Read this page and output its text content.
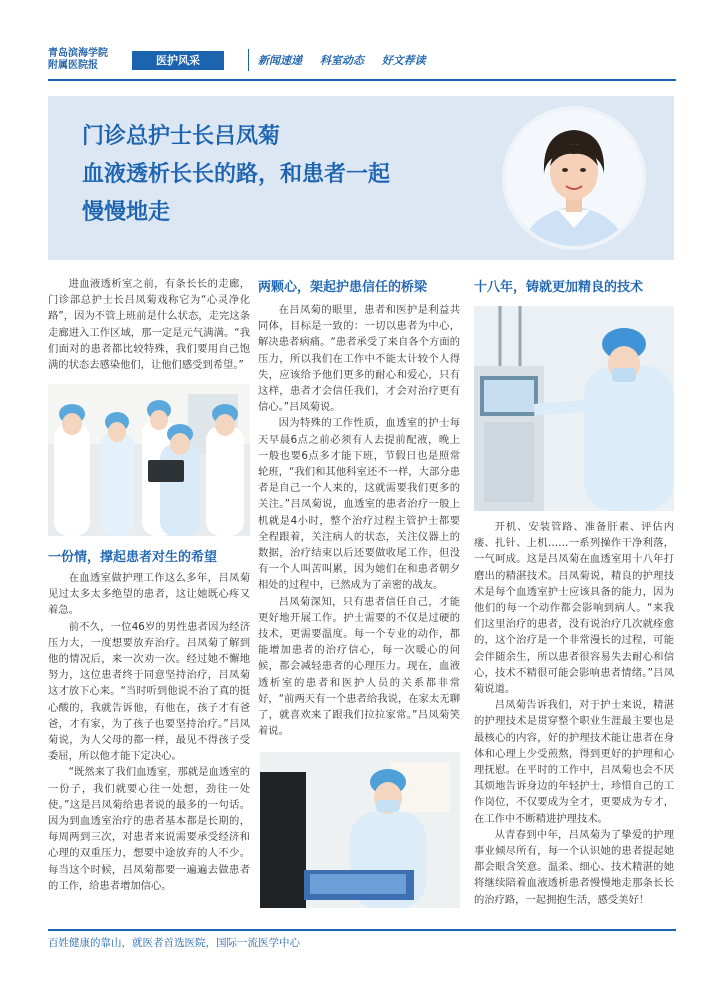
青岛滨海学院
附属医院报	医护风采	新闻速递 科室动态 好文荐读
门诊总护士长吕凤菊
血液透析长长的路，和患者一起
慢慢地走

进血液透析室之前，有条长长的走廊，门诊部总护士长吕凤菊戏称它为“心灵净化路”，因为不管上班前是什么状态，走完这条走廊进入工作区域，那一定是元气满满。“我们面对的患者都比较特殊，我们要用自己饱满的状态去感染他们，让他们感受到希望。”

一份情，撑起患者对生的希望

在血透室做护理工作这么多年，吕凤菊见过太多太多绝望的患者，这让她既心疼又着急。

前不久，一位46岁的男性患者因为经济压力大，一度想要放弃治疗。吕凤菊了解到他的情况后，来一次劝一次。经过她不懈地努力，这位患者终于同意坚持治疗，吕凤菊这才放下心来。“当时听到他说不治了真的挺心酸的，我就告诉他，有他在，孩子才有爸爸，才有家，为了孩子也要坚持治疗。”吕凤菊说，为人父母的都一样，最见不得孩子受委屈，所以他才能下定决心。

“既然来了我们血透室，那就是血透室的一份子，我们就要心往一处想，劲往一处使。”这是吕凤菊给患者说的最多的一句话。因为到血透室治疗的患者基本都是长期的，每周两到三次，对患者来说需要承受经济和心理的双重压力，想要中途放弃的人不少。每当这个时候，吕凤菊都要一遍遍去做患者的工作，给患者增加信心。

两颗心，架起护患信任的桥梁

在吕凤菊的眼里，患者和医护是利益共同体，目标是一致的：一切以患者为中心，解决患者病痛。“患者承受了来自各个方面的压力，所以我们在工作中不能太计较个人得失，应该给予他们更多的耐心和爱心，只有这样，患者才会信任我们，才会对治疗更有信心。”吕凤菊说。

因为特殊的工作性质，血透室的护士每天早晨6点之前必须有人去提前配液，晚上一般也要6点多才能下班，节假日也是照常轮班，“我们和其他科室还不一样，大部分患者是自己一个人来的，这就需要我们更多的关注。”吕凤菊说，血透室的患者治疗一般上机就是4小时，整个治疗过程主管护士都要全程跟着，关注病人的状态，关注仪器上的数据，治疗结束以后还要做收尾工作，但没有一个人叫苦叫累，因为她们在和患者朝夕相处的过程中，已然成为了亲密的战友。

吕凤菊深知，只有患者信任自己，才能更好地开展工作。护士需要的不仅是过硬的技术，更需要温度。每一个专业的动作，都能增加患者的治疗信心，每一次暖心的问候，都会减轻患者的心理压力。现在，血液透析室的患者和医护人员的关系都非常好，“前两天有一个患者给我说，在家太无聊了，就喜欢来了跟我们拉拉家常。”吕凤菊笑着说。

十八年，铸就更加精良的技术

开机、安装管路、准备肝素、评估内瘘、扎针、上机……一系列操作干净利落，一气呵成。这是吕凤菊在血透室用十八年打磨出的精湛技术。吕凤菊说，精良的护理技术是每个血透室护士应该具备的能力，因为他们的每一个动作都会影响到病人。“来我们这里治疗的患者，没有说治疗几次就痊愈的，这个治疗是一个非常漫长的过程，可能会伴随余生，所以患者很容易失去耐心和信心，技术不精很可能会影响患者情绪。”吕凤菊说道。

吕凤菊告诉我们，对于护士来说，精湛的护理技术是贯穿整个职业生涯最主要也是最核心的内容，好的护理技术能让患者在身体和心理上少受煎熬，得到更好的护理和心理抚慰。在平时的工作中，吕凤菊也会不厌其烦地告诉身边的年轻护士，珍惜自己的工作岗位，不仅要成为全才，更要成为专才，在工作中不断精进护理技术。

从青春到中年，吕凤菊为了挚爱的护理事业倾尽所有，每一个认识她的患者提起她都会眼含笑意。温柔、细心、技术精湛的她将继续陪着血液透析患者慢慢地走那条长长的治疗路，一起拥抱生活，感受美好！

百姓健康的靠山，就医者首选医院，国际一流医学中心
